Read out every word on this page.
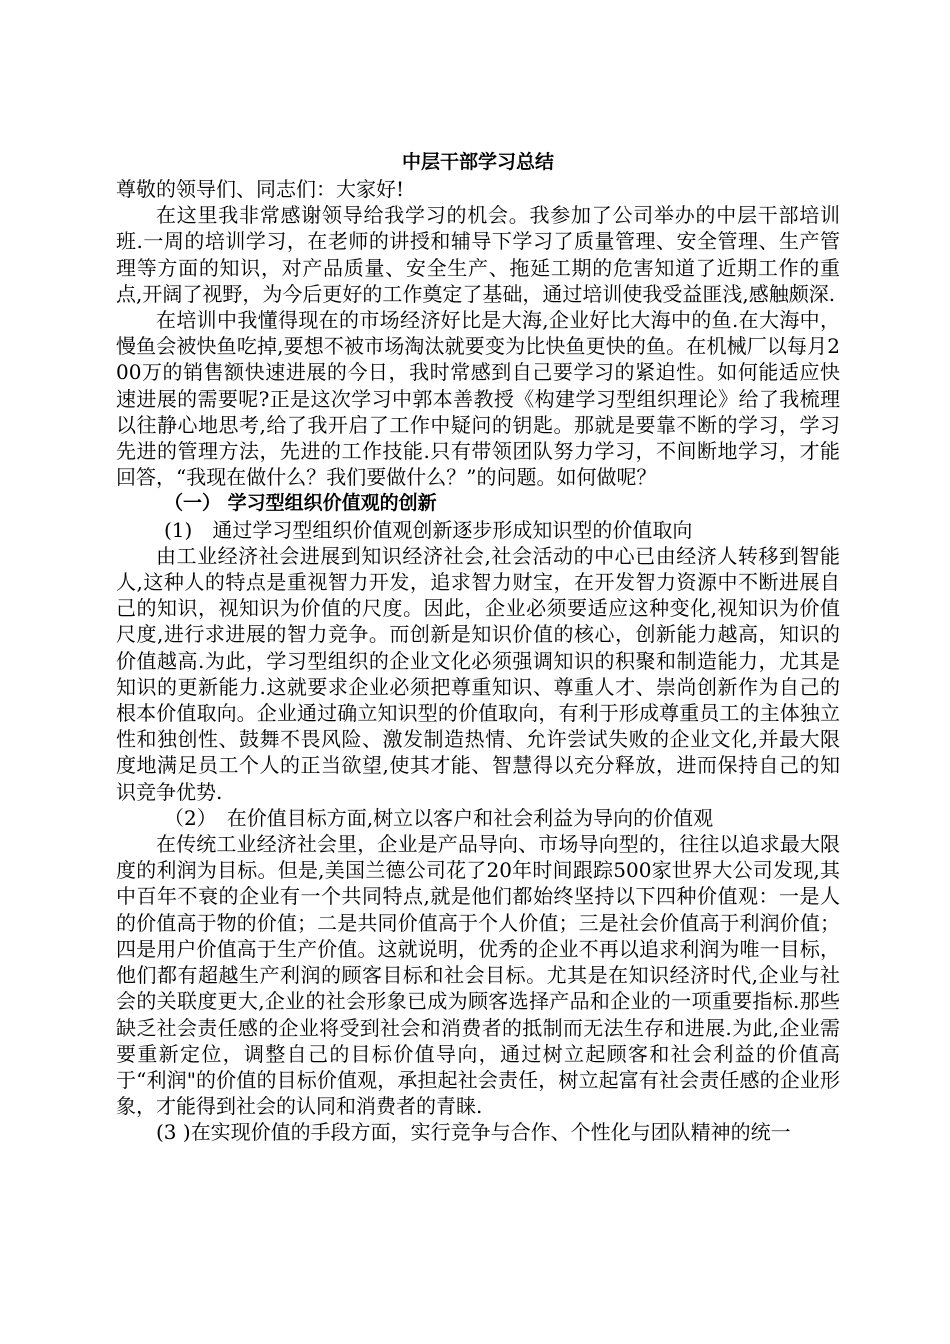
中层干部学习总结

尊敬的领导们、同志们：大家好!

在这里我非常感谢领导给我学习的机会。我参加了公司举办的中层干部培训班.一周的培训学习，在老师的讲授和辅导下学习了质量管理、安全管理、生产管理等方面的知识，对产品质量、安全生产、拖延工期的危害知道了近期工作的重点,开阔了视野，为今后更好的工作奠定了基础，通过培训使我受益匪浅,感触颇深.

在培训中我懂得现在的市场经济好比是大海,企业好比大海中的鱼.在大海中，慢鱼会被快鱼吃掉,要想不被市场淘汰就要变为比快鱼更快的鱼。在机械厂以每月200万的销售额快速进展的今日，我时常感到自己要学习的紧迫性。如何能适应快速进展的需要呢?正是这次学习中郭本善教授《构建学习型组织理论》给了我梳理以往静心地思考,给了我开启了工作中疑问的钥匙。那就是要靠不断的学习，学习先进的管理方法，先进的工作技能.只有带领团队努力学习，不间断地学习，才能回答，“我现在做什么？我们要做什么？”的问题。如何做呢？

（一） 学习型组织价值观的创新

(1)　通过学习型组织价值观创新逐步形成知识型的价值取向

由工业经济社会进展到知识经济社会,社会活动的中心已由经济人转移到智能人,这种人的特点是重视智力开发，追求智力财宝，在开发智力资源中不断进展自己的知识，视知识为价值的尺度。因此，企业必须要适应这种变化,视知识为价值尺度,进行求进展的智力竞争。而创新是知识价值的核心，创新能力越高，知识的价值越高.为此，学习型组织的企业文化必须强调知识的积聚和制造能力，尤其是知识的更新能力.这就要求企业必须把尊重知识、尊重人才、崇尚创新作为自己的根本价值取向。企业通过确立知识型的价值取向，有利于形成尊重员工的主体独立性和独创性、鼓舞不畏风险、激发制造热情、允许尝试失败的企业文化,并最大限度地满足员工个人的正当欲望,使其才能、智慧得以充分释放，进而保持自己的知识竞争优势.

（2）　在价值目标方面,树立以客户和社会利益为导向的价值观

在传统工业经济社会里，企业是产品导向、市场导向型的，往往以追求最大限度的利润为目标。但是,美国兰德公司花了20年时间跟踪500家世界大公司发现,其中百年不衰的企业有一个共同特点,就是他们都始终坚持以下四种价值观：一是人的价值高于物的价值；二是共同价值高于个人价值；三是社会价值高于利润价值；四是用户价值高于生产价值。这就说明，优秀的企业不再以追求利润为唯一目标，他们都有超越生产利润的顾客目标和社会目标。尤其是在知识经济时代,企业与社会的关联度更大,企业的社会形象已成为顾客选择产品和企业的一项重要指标.那些缺乏社会责任感的企业将受到社会和消费者的抵制而无法生存和进展.为此,企业需要重新定位，调整自己的目标价值导向，通过树立起顾客和社会利益的价值高于“利润"的价值的目标价值观，承担起社会责任，树立起富有社会责任感的企业形象，才能得到社会的认同和消费者的青睐.

(3 )在实现价值的手段方面，实行竞争与合作、个性化与团队精神的统一
